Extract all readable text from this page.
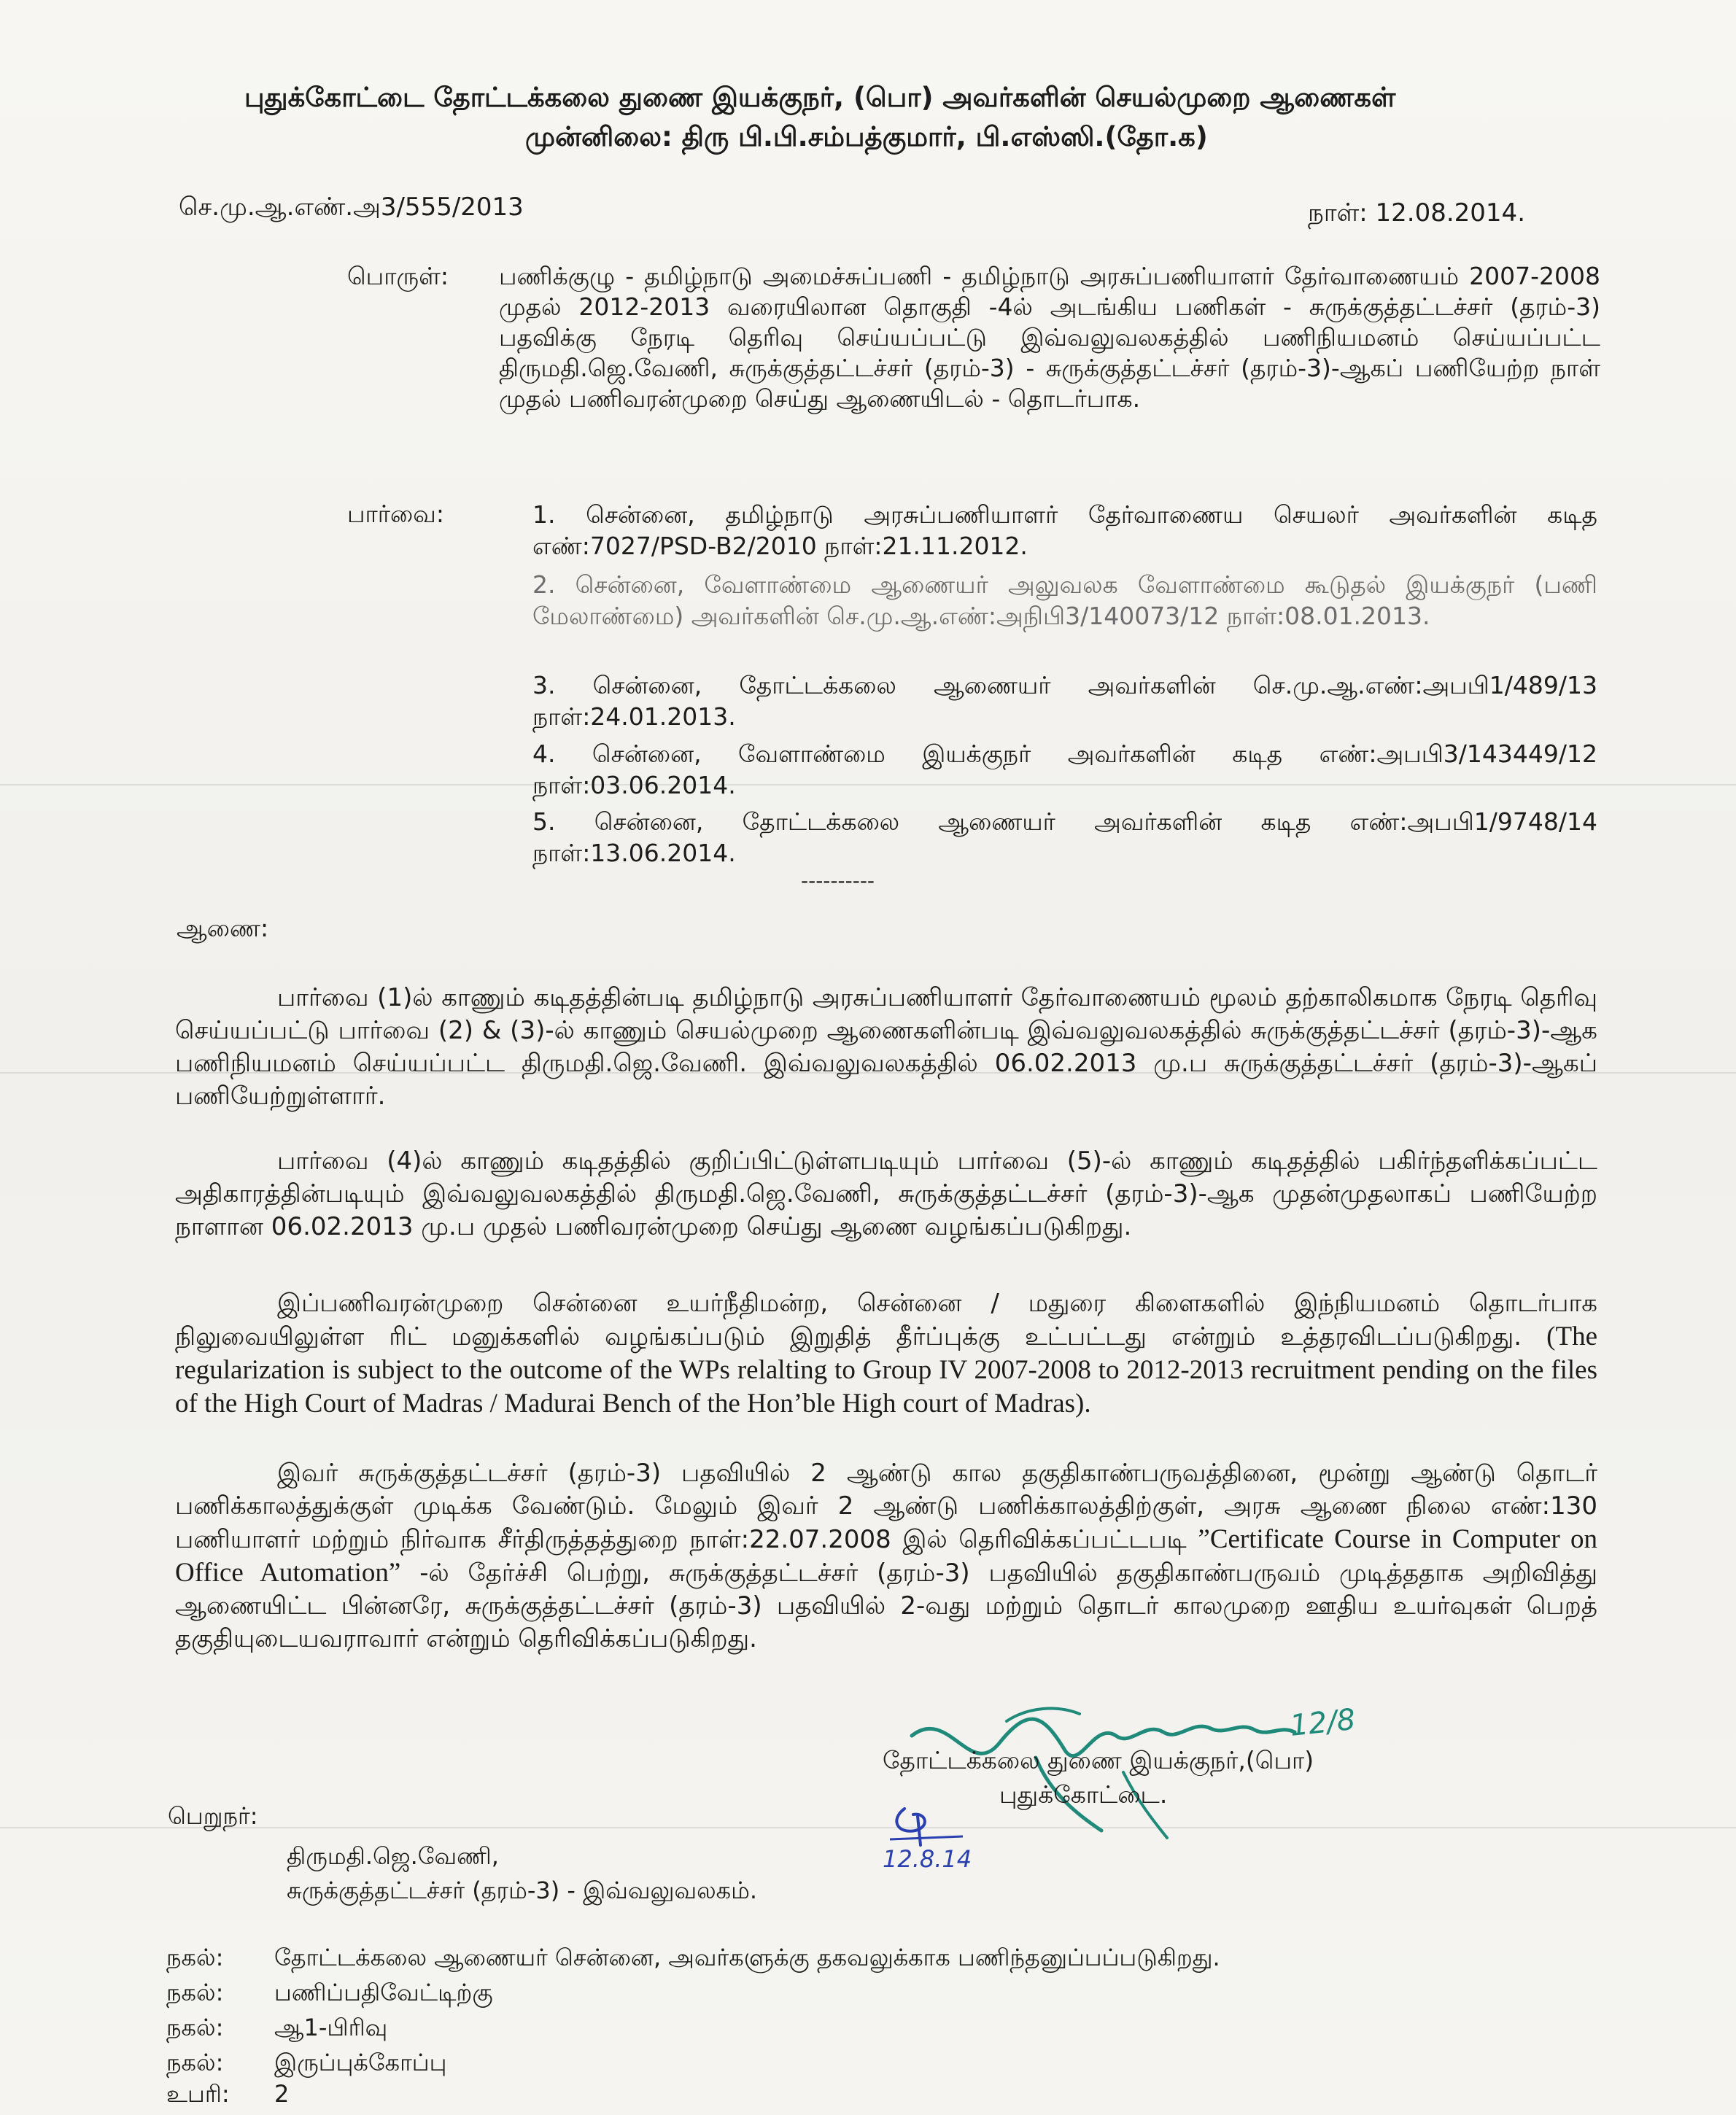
புதுக்கோட்டை தோட்டக்கலை துணை இயக்குநர், (பொ) அவர்களின் செயல்முறை ஆணைகள்
முன்னிலை: திரு பி.பி.சம்பத்குமார், பி.எஸ்ஸி.(தோ.க)
செ.மு.ஆ.எண்.அ3/555/2013	நாள்: 12.08.2014.
பொருள்: பணிக்குழு - தமிழ்நாடு அமைச்சுப்பணி - தமிழ்நாடு அரசுப்பணியாளர் தேர்வாணையம் 2007-2008 முதல் 2012-2013 வரையிலான தொகுதி -4ல் அடங்கிய பணிகள் - சுருக்குத்தட்டச்சர் (தரம்-3) பதவிக்கு நேரடி தெரிவு செய்யப்பட்டு இவ்வலுவலகத்தில் பணிநியமனம் செய்யப்பட்ட திருமதி.ஜெ.வேணி, சுருக்குத்தட்டச்சர் (தரம்-3) - சுருக்குத்தட்டச்சர் (தரம்-3)-ஆகப் பணியேற்ற நாள் முதல் பணிவரன்முறை செய்து ஆணையிடல் - தொடர்பாக.
பார்வை:	1. சென்னை, தமிழ்நாடு அரசுப்பணியாளர் தேர்வாணைய செயலர் அவர்களின் கடித எண்:7027/PSD-B2/2010 நாள்:21.11.2012.
2. சென்னை, வேளாண்மை ஆணையர் அலுவலக வேளாண்மை கூடுதல் இயக்குநர் (பணி மேலாண்மை) அவர்களின் செ.மு.ஆ.எண்:அநிபி3/140073/12 நாள்:08.01.2013.
3. சென்னை, தோட்டக்கலை ஆணையர் அவர்களின் செ.மு.ஆ.எண்:அபபி1/489/13 நாள்:24.01.2013.
4. சென்னை, வேளாண்மை இயக்குநர் அவர்களின் கடித எண்:அபபி3/143449/12 நாள்:03.06.2014.
5. சென்னை, தோட்டக்கலை ஆணையர் அவர்களின் கடித எண்:அபபி1/9748/14 நாள்:13.06.2014.
----------
ஆணை:
பார்வை (1)ல் காணும் கடிதத்தின்படி தமிழ்நாடு அரசுப்பணியாளர் தேர்வாணையம் மூலம் தற்காலிகமாக நேரடி தெரிவு செய்யப்பட்டு பார்வை (2) & (3)-ல் காணும் செயல்முறை ஆணைகளின்படி இவ்வலுவலகத்தில் சுருக்குத்தட்டச்சர் (தரம்-3)-ஆக பணிநியமனம் செய்யப்பட்ட திருமதி.ஜெ.வேணி. இவ்வலுவலகத்தில் 06.02.2013 மு.ப சுருக்குத்தட்டச்சர் (தரம்-3)-ஆகப் பணியேற்றுள்ளார்.
பார்வை (4)ல் காணும் கடிதத்தில் குறிப்பிட்டுள்ளபடியும் பார்வை (5)-ல் காணும் கடிதத்தில் பகிர்ந்தளிக்கப்பட்ட அதிகாரத்தின்படியும் இவ்வலுவலகத்தில் திருமதி.ஜெ.வேணி, சுருக்குத்தட்டச்சர் (தரம்-3)-ஆக முதன்முதலாகப் பணியேற்ற நாளான 06.02.2013 மு.ப முதல் பணிவரன்முறை செய்து ஆணை வழங்கப்படுகிறது.
இப்பணிவரன்முறை சென்னை உயர்நீதிமன்ற, சென்னை / மதுரை கிளைகளில் இந்நியமனம் தொடர்பாக நிலுவையிலுள்ள ரிட் மனுக்களில் வழங்கப்படும் இறுதித் தீர்ப்புக்கு உட்பட்டது என்றும் உத்தரவிடப்படுகிறது. (The regularization is subject to the outcome of the WPs relalting to Group IV 2007-2008 to 2012-2013 recruitment pending on the files of the High Court of Madras / Madurai Bench of the Hon’ble High court of Madras).
இவர் சுருக்குத்தட்டச்சர் (தரம்-3) பதவியில் 2 ஆண்டு கால தகுதிகாண்பருவத்தினை, மூன்று ஆண்டு தொடர் பணிக்காலத்துக்குள் முடிக்க வேண்டும். மேலும் இவர் 2 ஆண்டு பணிக்காலத்திற்குள், அரசு ஆணை நிலை எண்:130 பணியாளர் மற்றும் நிர்வாக சீர்திருத்தத்துறை நாள்:22.07.2008 இல் தெரிவிக்கப்பட்டபடி ”Certificate Course in Computer on Office Automation” -ல் தேர்ச்சி பெற்று, சுருக்குத்தட்டச்சர் (தரம்-3) பதவியில் தகுதிகாண்பருவம் முடித்ததாக அறிவித்து ஆணையிட்ட பின்னரே, சுருக்குத்தட்டச்சர் (தரம்-3) பதவியில் 2-வது மற்றும் தொடர் காலமுறை ஊதிய உயர்வுகள் பெறத் தகுதியுடையவராவார் என்றும் தெரிவிக்கப்படுகிறது.
12/8
தோட்டக்கலை துணை இயக்குநர்,(பொ)
புதுக்கோட்டை.
12.8.14
பெறுநர்:
திருமதி.ஜெ.வேணி,
சுருக்குத்தட்டச்சர் (தரம்-3) - இவ்வலுவலகம்.
நகல்: தோட்டக்கலை ஆணையர் சென்னை, அவர்களுக்கு தகவலுக்காக பணிந்தனுப்பப்படுகிறது.
நகல்: பணிப்பதிவேட்டிற்கு
நகல்: ஆ1-பிரிவு
நகல்: இருப்புக்கோப்பு
உபரி: 2
